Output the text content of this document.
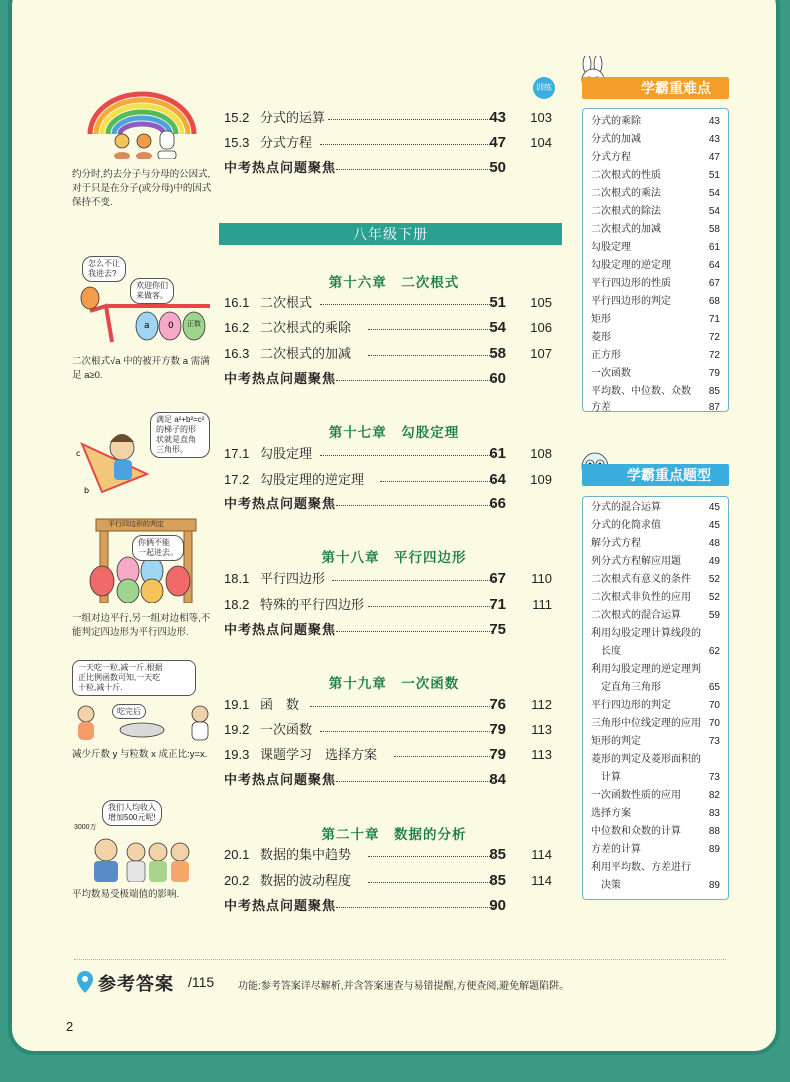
约分时,约去分子与分母的公因式,
对于只是在分子(或分母)中的因式
保持不变.
怎么不让
我进去?
欢迎你们
来做客。
a 0 正数
二次根式√a 中的被开方数 a 需满
足 a≥0.
c
b
满足 a²+b²=c²
的梯子的形
状就是直角
三角形。
平行四边形的判定
你俩不能
一起进去。
一组对边平行,另一组对边相等,不
能判定四边形为平行四边形.
一天吃一粒,减一斤.根据
正比例函数可知,一天吃
十粒,减十斤.
吃完后
减少斤数 y 与粒数 x 成正比:y=x.
我们人均收入
增加500元呢!
3000万
平均数易受极端值的影响.
训练
15.2 分式的运算	43 103
15.3 分式方程	47 104
中考热点问题聚焦	50
八年级下册
第十六章　二次根式
16.1 二次根式	51 105
16.2 二次根式的乘除	54 106
16.3 二次根式的加减	58 107
中考热点问题聚焦	60
第十七章　勾股定理
17.1 勾股定理	61 108
17.2 勾股定理的逆定理	64 109
中考热点问题聚焦	66
第十八章　平行四边形
18.1 平行四边形	67 110
18.2 特殊的平行四边形	71 111
中考热点问题聚焦	75
第十九章　一次函数
19.1 函　数	76 112
19.2 一次函数	79 113
19.3 课题学习　选择方案	79 113
中考热点问题聚焦	84
第二十章　数据的分析
20.1 数据的集中趋势	85 114
20.2 数据的波动程度	85 114
中考热点问题聚焦	90
学霸重难点
分式的乘除	43
分式的加减	43
分式方程	47
二次根式的性质	51
二次根式的乘法	54
二次根式的除法	54
二次根式的加减	58
勾股定理	61
勾股定理的逆定理	64
平行四边形的性质	67
平行四边形的判定	68
矩形	71
菱形	72
正方形	72
一次函数	79
平均数、中位数、众数 85
方差	87
学霸重点题型
分式的混合运算	45
分式的化简求值	45
解分式方程	48
列分式方程解应用题	49
二次根式有意义的条件 52
二次根式非负性的应用 52
二次根式的混合运算	59
利用勾股定理计算线段的
　长度	62
利用勾股定理的逆定理判
　定直角三角形	65
平行四边形的判定	70
三角形中位线定理的应用 70
矩形的判定	73
菱形的判定及菱形面积的
　计算	73
一次函数性质的应用	82
选择方案	83
中位数和众数的计算	88
方差的计算	89
利用平均数、方差进行
　决策	89
参考答案 /115 功能:参考答案详尽解析,并含答案速查与易错提醒,方便查阅,避免解题陷阱。
2
